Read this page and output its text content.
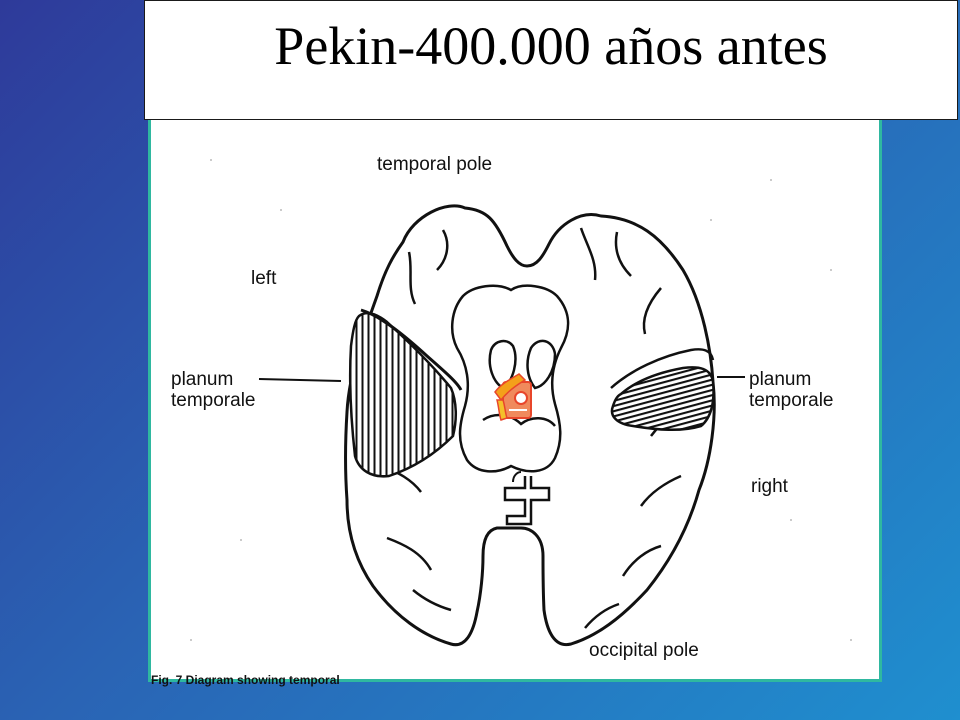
Pekin-400.000 años antes
temporal pole
left
planum
temporale
planum
temporale
right
occipital pole
Fig. 7 Diagram showing temporal
